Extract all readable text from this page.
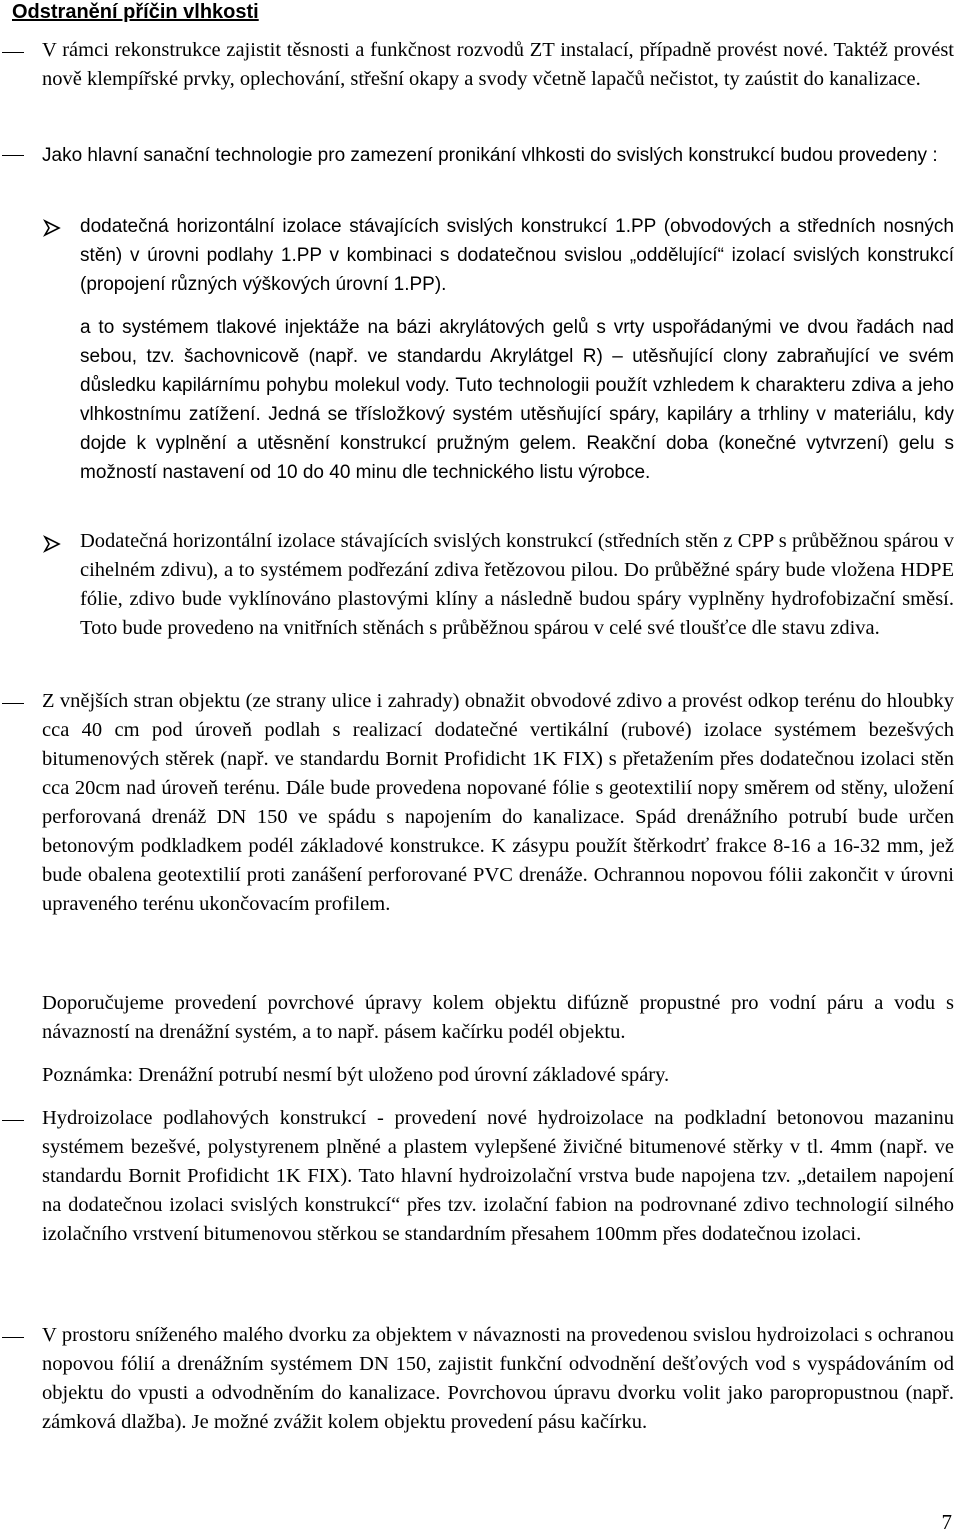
Odstranění příčin vlhkosti

V rámci rekonstrukce zajistit těsnosti a funkčnost rozvodů ZT instalací, případně provést nové. Taktéž provést nově klempířské prvky, oplechování, střešní okapy a svody včetně lapačů nečistot, ty zaústit do kanalizace.

Jako hlavní sanační technologie pro zamezení pronikání vlhkosti do svislých konstrukcí budou provedeny :

dodatečná horizontální izolace stávajících svislých konstrukcí 1.PP (obvodových a středních nosných stěn) v úrovni podlahy 1.PP v kombinaci s dodatečnou svislou „oddělující“ izolací svislých konstrukcí (propojení různých výškových úrovní 1.PP).

a to systémem tlakové injektáže na bázi akrylátových gelů s vrty uspořádanými ve dvou řadách nad sebou, tzv. šachovnicově (např. ve standardu Akrylátgel R) – utěsňující clony zabraňující ve svém důsledku kapilárnímu pohybu molekul vody. Tuto technologii použít vzhledem k charakteru zdiva a jeho vlhkostnímu zatížení. Jedná se třísložkový systém utěsňující spáry, kapiláry a trhliny v materiálu, kdy dojde k vyplnění a utěsnění konstrukcí pružným gelem. Reakční doba (konečné vytvrzení) gelu s možností nastavení od 10 do 40 minu dle technického listu výrobce.

Dodatečná horizontální izolace stávajících svislých konstrukcí (středních stěn z CPP s průběžnou spárou v cihelném zdivu), a to systémem podřezání zdiva řetězovou pilou. Do průběžné spáry bude vložena HDPE fólie, zdivo bude vyklínováno plastovými klíny a následně budou spáry vyplněny hydrofobizační směsí. Toto bude provedeno na vnitřních stěnách s průběžnou spárou v celé své tloušťce dle stavu zdiva.

Z vnějších stran objektu (ze strany ulice i zahrady) obnažit obvodové zdivo a provést odkop terénu do hloubky cca 40 cm pod úroveň podlah s realizací dodatečné vertikální (rubové) izolace systémem bezešvých bitumenových stěrek (např. ve standardu Bornit Profidicht 1K FIX) s přetažením přes dodatečnou izolaci stěn cca 20cm nad úroveň terénu. Dále bude provedena nopované fólie s geotextilií nopy směrem od stěny, uložení perforovaná drenáž DN 150 ve spádu s napojením do kanalizace. Spád drenážního potrubí bude určen betonovým podkladkem podél základové konstrukce. K zásypu použít štěrkodrť frakce 8-16 a 16-32 mm, jež bude obalena geotextilií proti zanášení perforované PVC drenáže. Ochrannou nopovou fólii zakončit v úrovni upraveného terénu ukončovacím profilem.

Doporučujeme provedení povrchové úpravy kolem objektu difúzně propustné pro vodní páru a vodu s návazností na drenážní systém, a to např. pásem kačírku podél objektu.

Poznámka: Drenážní potrubí nesmí být uloženo pod úrovní základové spáry.

Hydroizolace podlahových konstrukcí - provedení nové hydroizolace na podkladní betonovou mazaninu systémem bezešvé, polystyrenem plněné a plastem vylepšené živičné bitumenové stěrky v tl. 4mm (např. ve standardu Bornit Profidicht 1K FIX). Tato hlavní hydroizolační vrstva bude napojena tzv. „detailem napojení na dodatečnou izolaci svislých konstrukcí“ přes tzv. izolační fabion na podrovnané zdivo technologií silného izolačního vrstvení bitumenovou stěrkou se standardním přesahem 100mm přes dodatečnou izolaci.

V prostoru sníženého malého dvorku za objektem v návaznosti na provedenou svislou hydroizolaci s ochranou nopovou fólií a drenážním systémem DN 150, zajistit funkční odvodnění dešťových vod s vyspádováním od objektu do vpusti a odvodněním do kanalizace. Povrchovou úpravu dvorku volit jako paropropustnou (např. zámková dlažba). Je možné zvážit kolem objektu provedení pásu kačírku.

7
